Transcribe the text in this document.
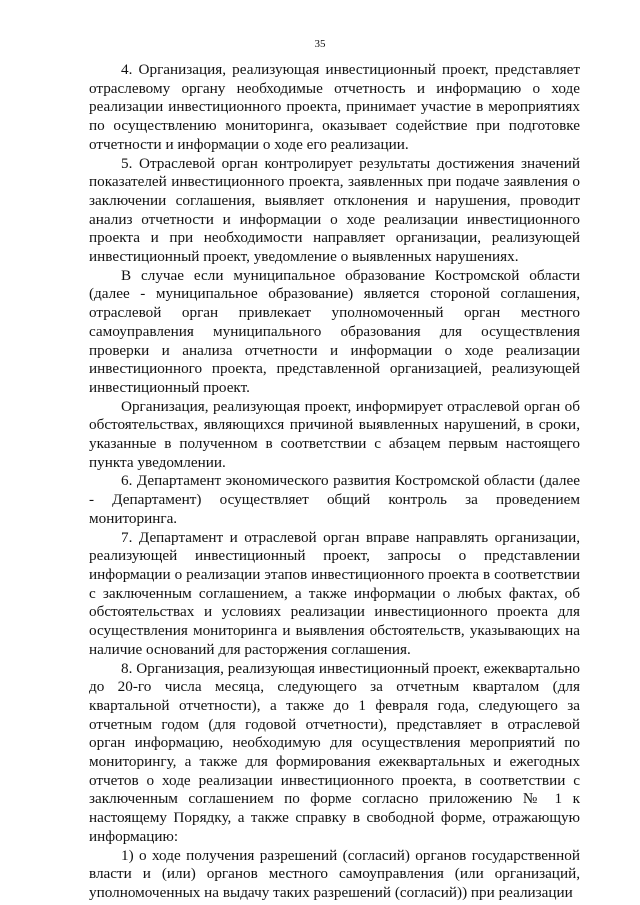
35

4. Организация, реализующая инвестиционный проект, представляет отраслевому органу необходимые отчетность и информацию о ходе реализации инвестиционного проекта, принимает участие в мероприятиях по осуществлению мониторинга, оказывает содействие при подготовке отчетности и информации о ходе его реализации.

5. Отраслевой орган контролирует результаты достижения значений показателей инвестиционного проекта, заявленных при подаче заявления о заключении соглашения, выявляет отклонения и нарушения, проводит анализ отчетности и информации о ходе реализации инвестиционного проекта и при необходимости направляет организации, реализующей инвестиционный проект, уведомление о выявленных нарушениях.

В случае если муниципальное образование Костромской области (далее - муниципальное образование) является стороной соглашения, отраслевой орган привлекает уполномоченный орган местного самоуправления муниципального образования для осуществления проверки и анализа отчетности и информации о ходе реализации инвестиционного проекта, представленной организацией, реализующей инвестиционный проект.

Организация, реализующая проект, информирует отраслевой орган об обстоятельствах, являющихся причиной выявленных нарушений, в сроки, указанные в полученном в соответствии с абзацем первым настоящего пункта уведомлении.

6. Департамент экономического развития Костромской области (далее - Департамент) осуществляет общий контроль за проведением мониторинга.

7. Департамент и отраслевой орган вправе направлять организации, реализующей инвестиционный проект, запросы о представлении информации о реализации этапов инвестиционного проекта в соответствии с заключенным соглашением, а также информации о любых фактах, об обстоятельствах и условиях реализации инвестиционного проекта для осуществления мониторинга и выявления обстоятельств, указывающих на наличие оснований для расторжения соглашения.

8. Организация, реализующая инвестиционный проект, ежеквартально до 20-го числа месяца, следующего за отчетным кварталом (для квартальной отчетности), а также до 1 февраля года, следующего за отчетным годом (для годовой отчетности), представляет в отраслевой орган информацию, необходимую для осуществления мероприятий по мониторингу, а также для формирования ежеквартальных и ежегодных отчетов о ходе реализации инвестиционного проекта, в соответствии с заключенным соглашением по форме согласно приложению № 1 к настоящему Порядку, а также справку в свободной форме, отражающую информацию:

1) о ходе получения разрешений (согласий) органов государственной власти и (или) органов местного самоуправления (или организаций, уполномоченных на выдачу таких разрешений (согласий)) при реализации
